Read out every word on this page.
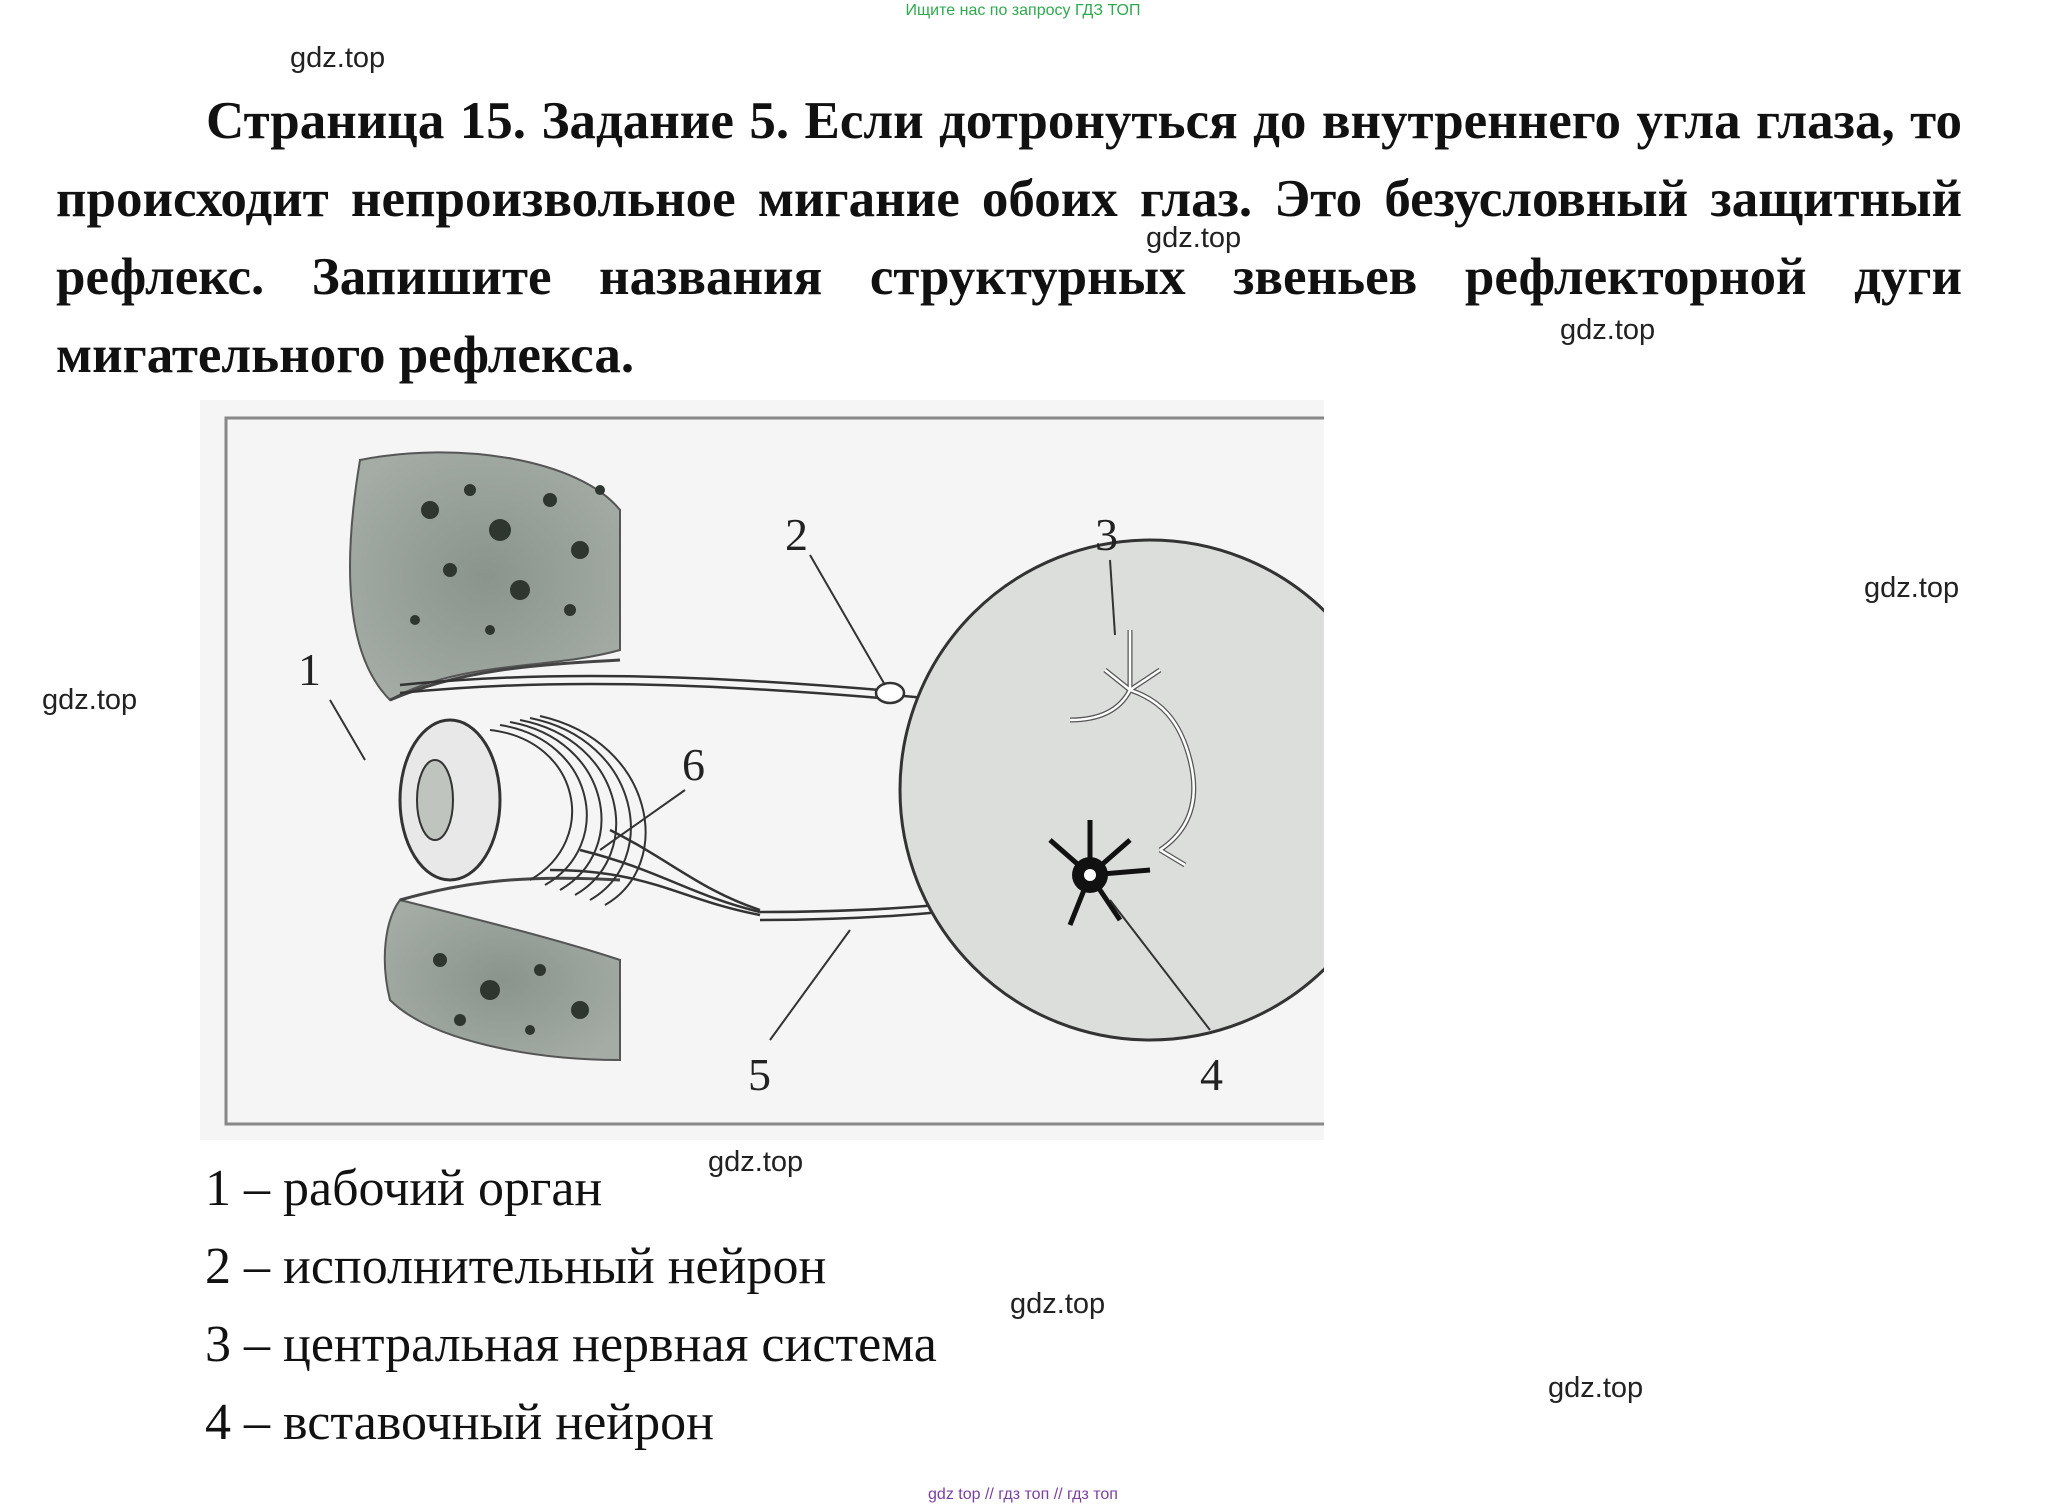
Ищите нас по запросу ГДЗ ТОП
gdz.top
gdz.top
gdz.top
gdz.top
gdz.top
gdz.top
gdz.top
gdz.top

Страница 15. Задание 5. Если дотронуться до внутреннего угла глаза, то происходит непроизвольное мигание обоих глаз. Это безусловный защитный рефлекс. Запишите названия структурных звеньев рефлекторной дуги мигательного рефлекса.

2	3
1
6
5	4
1 – рабочий орган
2 – исполнительный нейрон
3 – центральная нервная система
4 – вставочный нейрон
gdz top // гдз топ // гдз топ
